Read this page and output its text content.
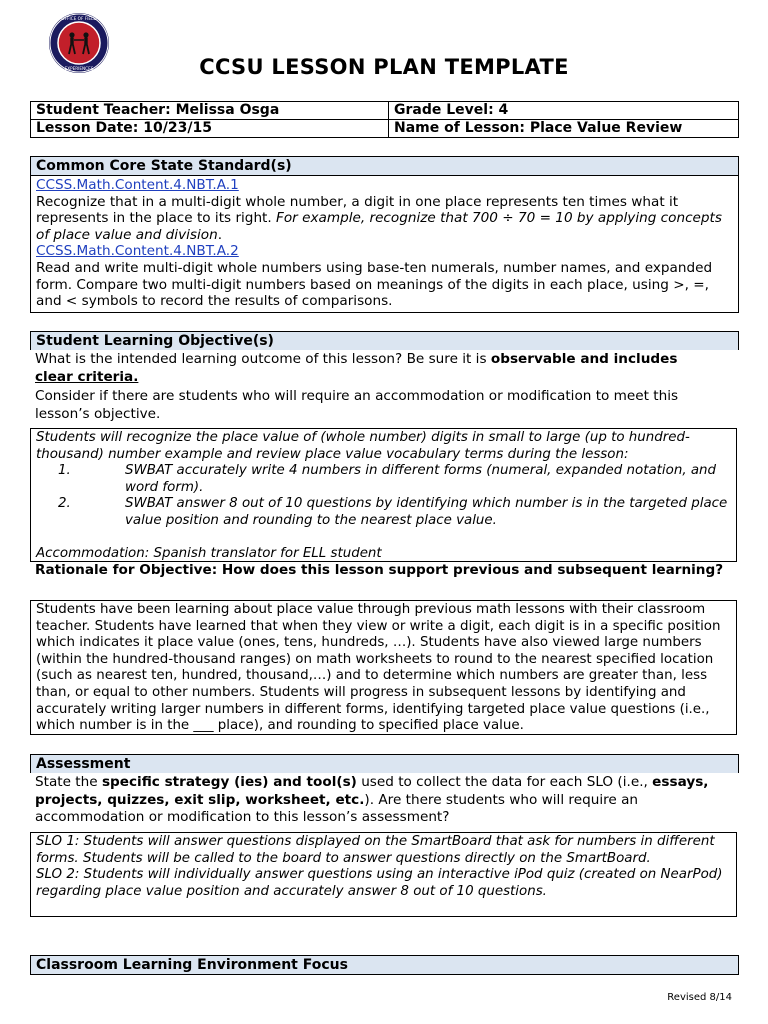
OFFICE OF FIELD
EXPERIENCES	CCSU LESSON PLAN TEMPLATE
Student Teacher: Melissa Osga	Grade Level: 4
Lesson Date: 10/23/15	Name of Lesson: Place Value Review
Common Core State Standard(s)
CCSS.Math.Content.4.NBT.A.1
Recognize that in a multi-digit whole number, a digit in one place represents ten times what it represents in the place to its right. For example, recognize that 700 ÷ 70 = 10 by applying concepts of place value and division.
CCSS.Math.Content.4.NBT.A.2
Read and write multi-digit whole numbers using base-ten numerals, number names, and expanded form. Compare two multi-digit numbers based on meanings of the digits in each place, using >, =, and < symbols to record the results of comparisons.
Student Learning Objective(s)
What is the intended learning outcome of this lesson? Be sure it is observable and includes
clear criteria.
Consider if there are students who will require an accommodation or modification to meet this lesson’s objective.
Students will recognize the place value of (whole number) digits in small to large (up to hundred-thousand) number example and review place value vocabulary terms during the lesson:
1.	SWBAT accurately write 4 numbers in different forms (numeral, expanded notation, and word form).
2.	SWBAT answer 8 out of 10 questions by identifying which number is in the targeted place value position and rounding to the nearest place value.
Accommodation: Spanish translator for ELL student
Rationale for Objective: How does this lesson support previous and subsequent learning?
Students have been learning about place value through previous math lessons with their classroom teacher. Students have learned that when they view or write a digit, each digit is in a specific position which indicates it place value (ones, tens, hundreds, …). Students have also viewed large numbers (within the hundred-thousand ranges) on math worksheets to round to the nearest specified location (such as nearest ten, hundred, thousand,…) and to determine which numbers are greater than, less than, or equal to other numbers. Students will progress in subsequent lessons by identifying and accurately writing larger numbers in different forms, identifying targeted place value questions (i.e., which number is in the ___ place), and rounding to specified place value.
Assessment
State the specific strategy (ies) and tool(s) used to collect the data for each SLO (i.e., essays, projects, quizzes, exit slip, worksheet, etc.). Are there students who will require an accommodation or modification to this lesson’s assessment?
SLO 1: Students will answer questions displayed on the SmartBoard that ask for numbers in different forms. Students will be called to the board to answer questions directly on the SmartBoard.
SLO 2: Students will individually answer questions using an interactive iPod quiz (created on NearPod) regarding place value position and accurately answer 8 out of 10 questions.
Classroom Learning Environment Focus
Revised 8/14
